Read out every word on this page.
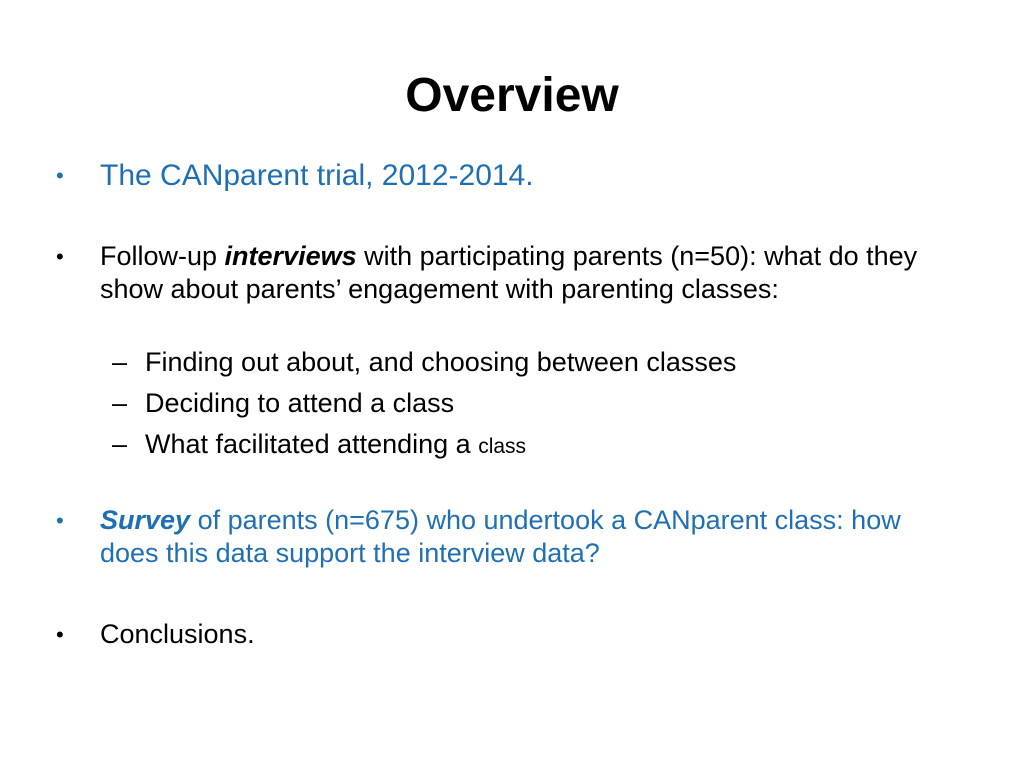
Overview
•	The CANparent trial, 2012-2014.
•	Follow-up interviews with participating parents (n=50): what do they show about parents’ engagement with parenting classes:
– Finding out about, and choosing between classes
– Deciding to attend a class
– What facilitated attending a class
•	Survey of parents (n=675) who undertook a CANparent class: how does this data support the interview data?
•	Conclusions.
